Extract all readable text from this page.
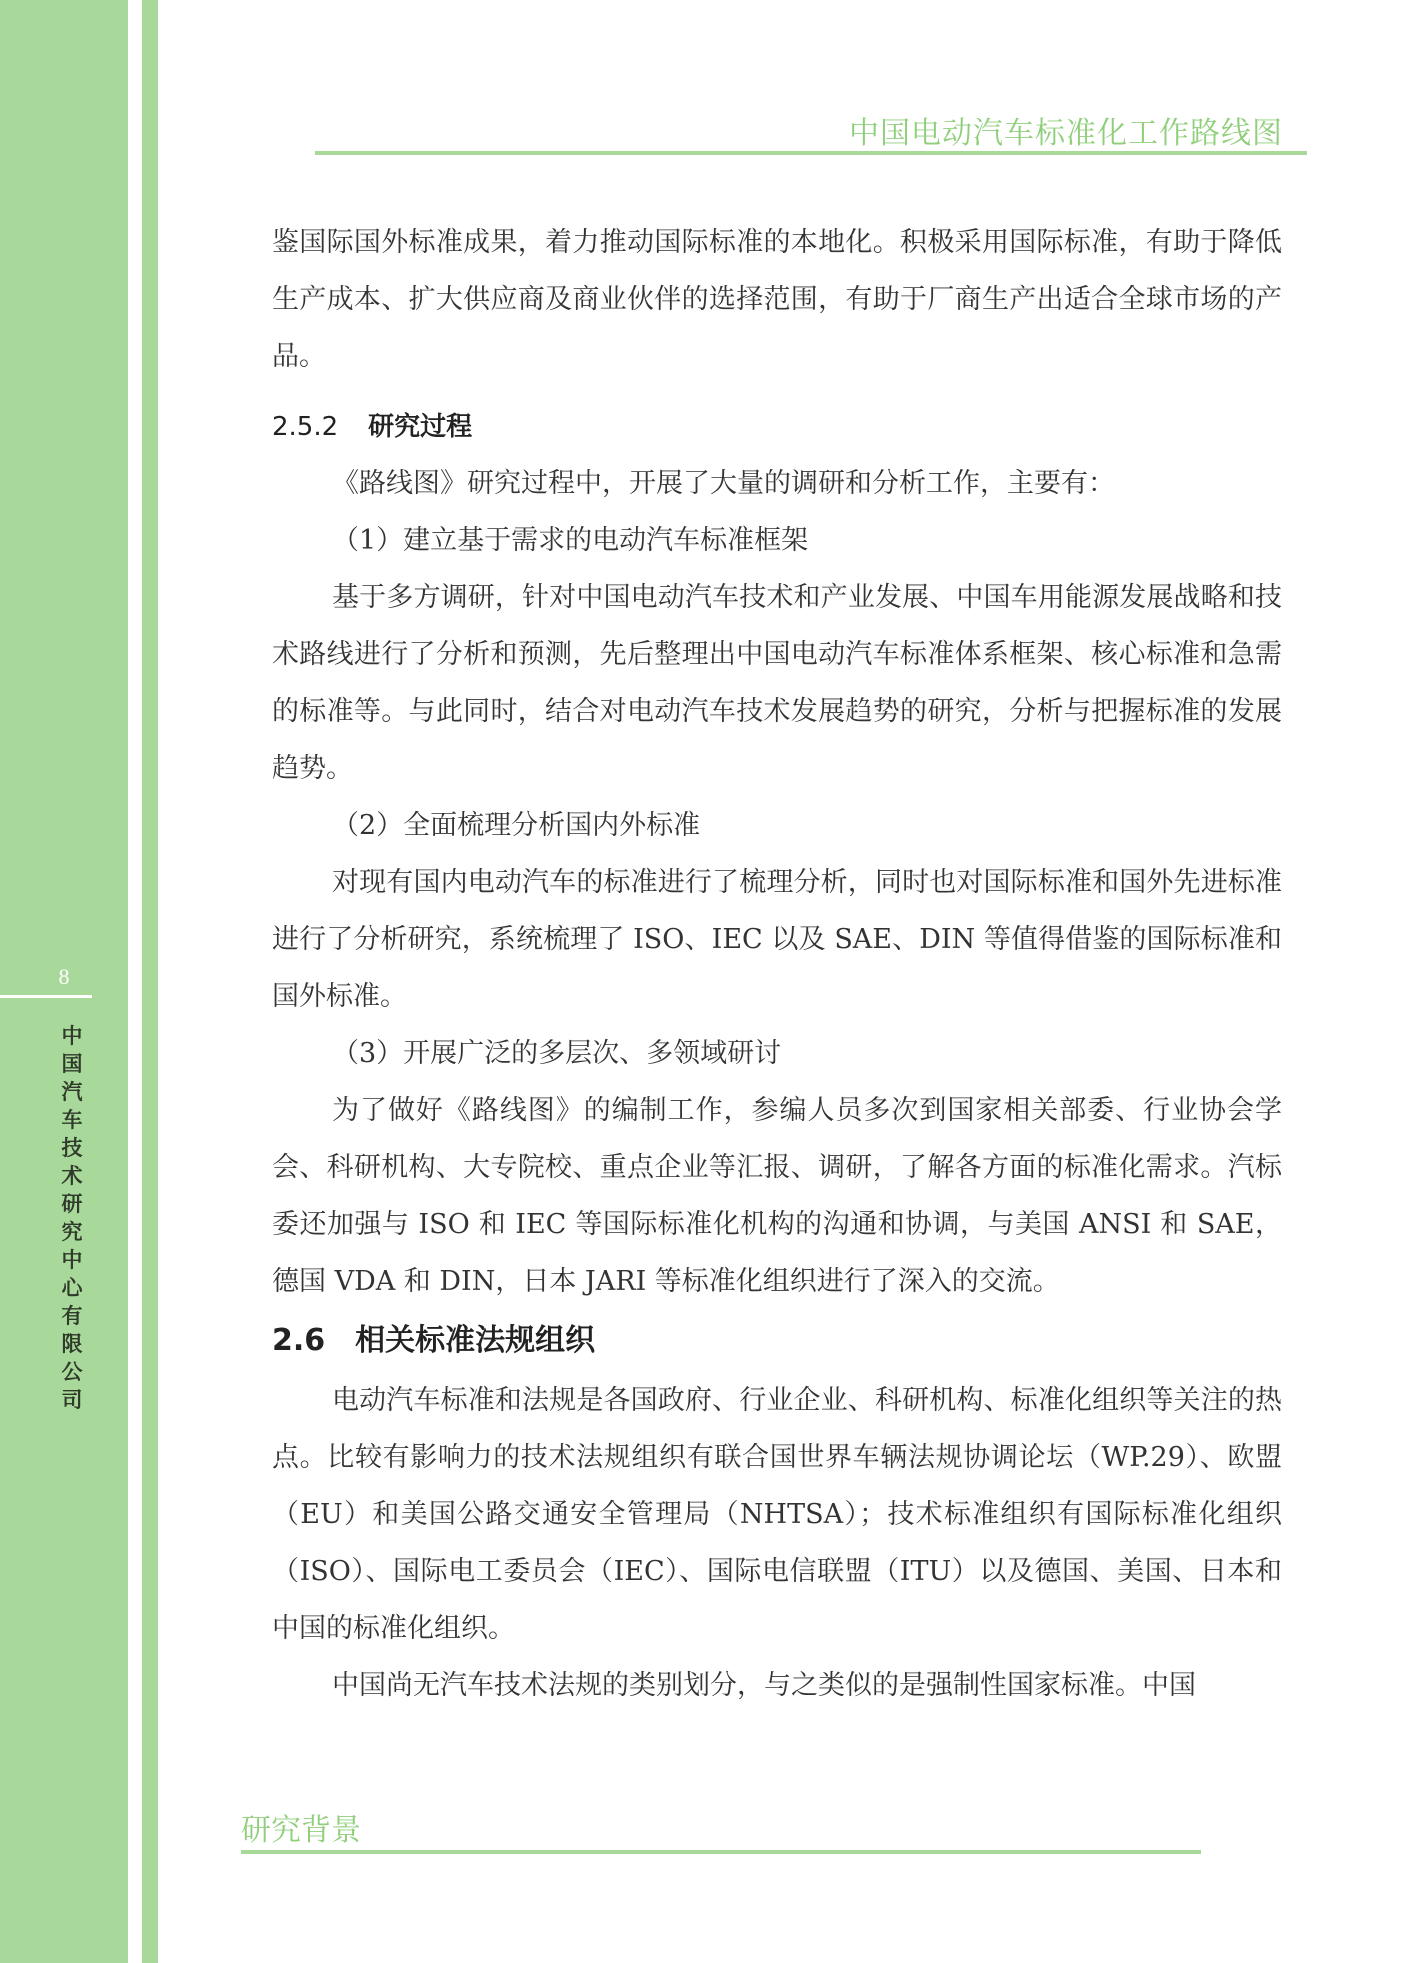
8
中国汽车技术研究中心有限公司
中国电动汽车标准化工作路线图

鉴国际国外标准成果，着力推动国际标准的本地化。积极采用国际标准，有助于降低生产成本、扩大供应商及商业伙伴的选择范围，有助于厂商生产出适合全球市场的产品。

2.5.2 研究过程

《路线图》研究过程中，开展了大量的调研和分析工作，主要有：

（1）建立基于需求的电动汽车标准框架

基于多方调研，针对中国电动汽车技术和产业发展、中国车用能源发展战略和技术路线进行了分析和预测，先后整理出中国电动汽车标准体系框架、核心标准和急需的标准等。与此同时，结合对电动汽车技术发展趋势的研究，分析与把握标准的发展趋势。

（2）全面梳理分析国内外标准

对现有国内电动汽车的标准进行了梳理分析，同时也对国际标准和国外先进标准进行了分析研究，系统梳理了 ISO、IEC 以及 SAE、DIN 等值得借鉴的国际标准和国外标准。

（3）开展广泛的多层次、多领域研讨

为了做好《路线图》的编制工作，参编人员多次到国家相关部委、行业协会学会、科研机构、大专院校、重点企业等汇报、调研，了解各方面的标准化需求。汽标委还加强与 ISO 和 IEC 等国际标准化机构的沟通和协调，与美国 ANSI 和 SAE，德国 VDA 和 DIN，日本 JARI 等标准化组织进行了深入的交流。

2.6 相关标准法规组织

电动汽车标准和法规是各国政府、行业企业、科研机构、标准化组织等关注的热点。比较有影响力的技术法规组织有联合国世界车辆法规协调论坛（WP.29）、欧盟（EU）和美国公路交通安全管理局（NHTSA）；技术标准组织有国际标准化组织（ISO）、国际电工委员会（IEC）、国际电信联盟（ITU）以及德国、美国、日本和中国的标准化组织。

中国尚无汽车技术法规的类别划分，与之类似的是强制性国家标准。中国

研究背景
